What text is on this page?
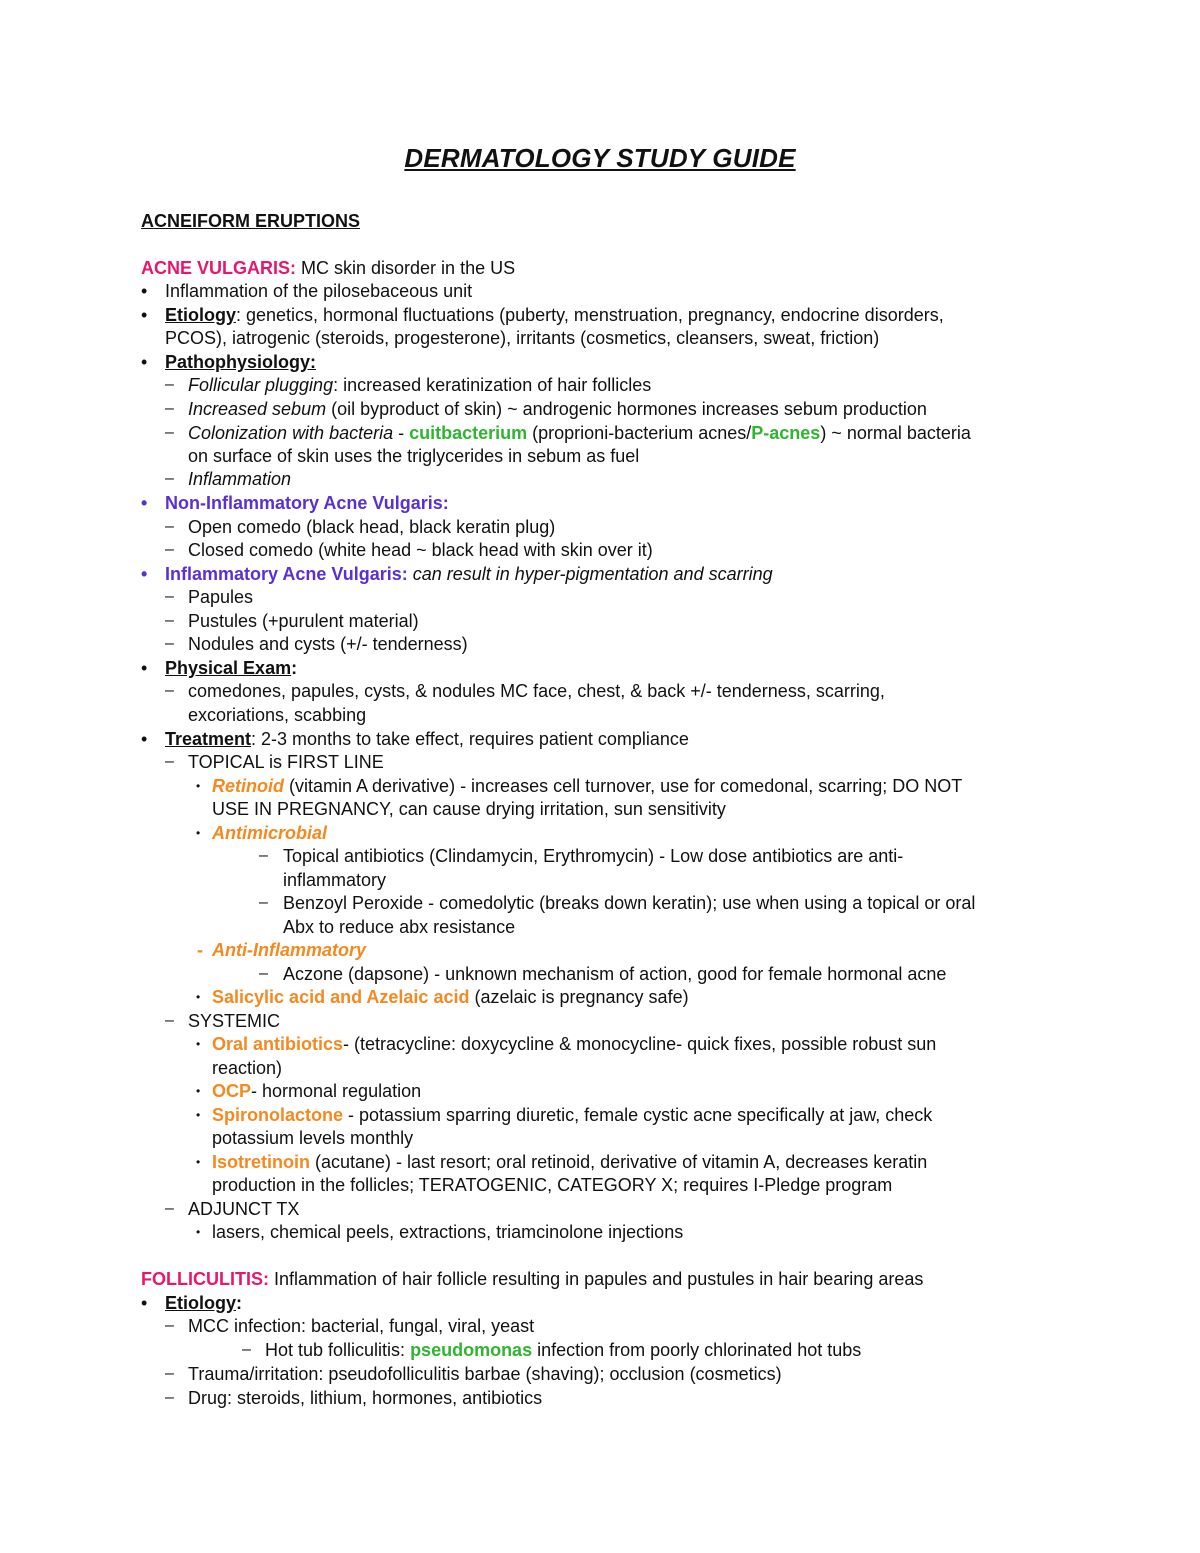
DERMATOLOGY STUDY GUIDE
ACNEIFORM ERUPTIONS
ACNE VULGARIS: MC skin disorder in the US
• Inflammation of the pilosebaceous unit
• Etiology: genetics, hormonal fluctuations (puberty, menstruation, pregnancy, endocrine disorders,
PCOS), iatrogenic (steroids, progesterone), irritants (cosmetics, cleansers, sweat, friction)
• Pathophysiology:
– Follicular plugging: increased keratinization of hair follicles
– Increased sebum (oil byproduct of skin) ~ androgenic hormones increases sebum production
– Colonization with bacteria - cuitbacterium (proprioni-bacterium acnes/P-acnes) ~ normal bacteria
on surface of skin uses the triglycerides in sebum as fuel
– Inflammation
• Non-Inflammatory Acne Vulgaris:
– Open comedo (black head, black keratin plug)
– Closed comedo (white head ~ black head with skin over it)
• Inflammatory Acne Vulgaris: can result in hyper-pigmentation and scarring
– Papules
– Pustules (+purulent material)
– Nodules and cysts (+/- tenderness)
• Physical Exam:
– comedones, papules, cysts, & nodules MC face, chest, & back +/- tenderness, scarring,
excoriations, scabbing
• Treatment: 2-3 months to take effect, requires patient compliance
– TOPICAL is FIRST LINE
• Retinoid (vitamin A derivative) - increases cell turnover, use for comedonal, scarring; DO NOT
USE IN PREGNANCY, can cause drying irritation, sun sensitivity
• Antimicrobial
– Topical antibiotics (Clindamycin, Erythromycin) - Low dose antibiotics are anti-
inflammatory
– Benzoyl Peroxide - comedolytic (breaks down keratin); use when using a topical or oral
Abx to reduce abx resistance
- Anti-Inflammatory
– Aczone (dapsone) - unknown mechanism of action, good for female hormonal acne
• Salicylic acid and Azelaic acid (azelaic is pregnancy safe)
– SYSTEMIC
• Oral antibiotics- (tetracycline: doxycycline & monocycline- quick fixes, possible robust sun
reaction)
• OCP- hormonal regulation
• Spironolactone - potassium sparring diuretic, female cystic acne specifically at jaw, check
potassium levels monthly
• Isotretinoin (acutane) - last resort; oral retinoid, derivative of vitamin A, decreases keratin
production in the follicles; TERATOGENIC, CATEGORY X; requires I-Pledge program
– ADJUNCT TX
• lasers, chemical peels, extractions, triamcinolone injections
FOLLICULITIS: Inflammation of hair follicle resulting in papules and pustules in hair bearing areas
• Etiology:
– MCC infection: bacterial, fungal, viral, yeast
– Hot tub folliculitis: pseudomonas infection from poorly chlorinated hot tubs
– Trauma/irritation: pseudofolliculitis barbae (shaving); occlusion (cosmetics)
– Drug: steroids, lithium, hormones, antibiotics
